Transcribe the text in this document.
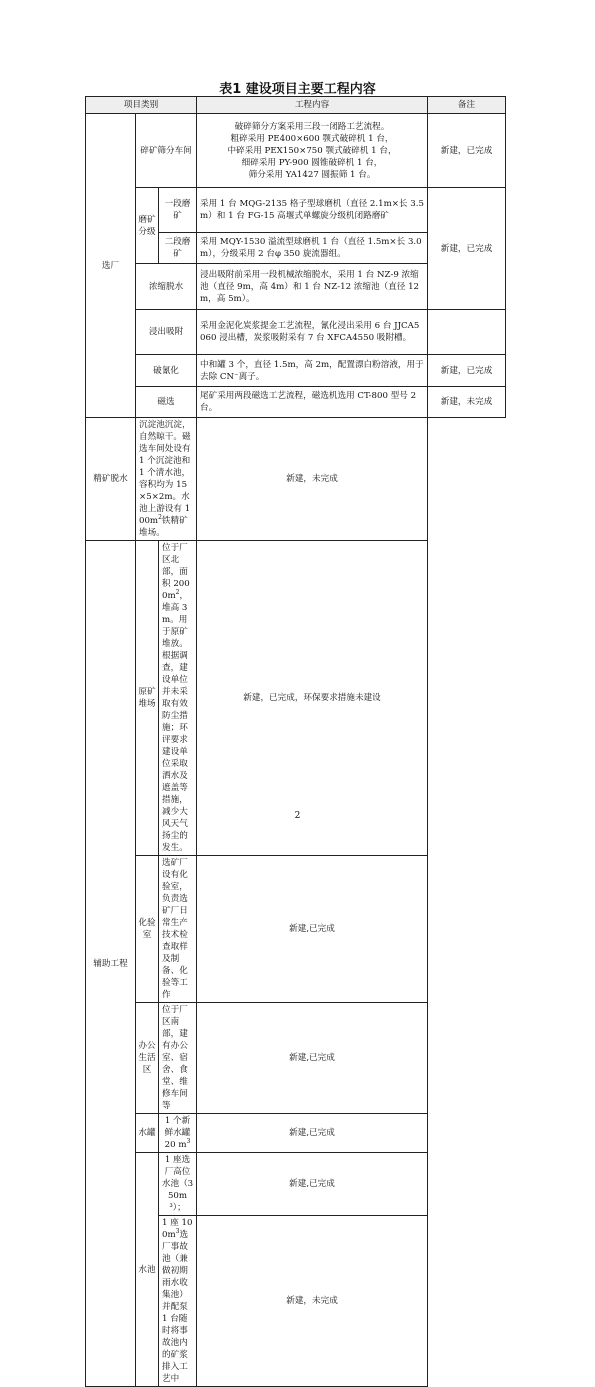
表1 建设项目主要工程内容
项目类别			工程内容	备注
选厂	碎矿筛分车间		破碎筛分方案采用三段一闭路工艺流程。
粗碎采用 PE400×600 颚式破碎机 1 台，
中碎采用 PEX150×750 颚式破碎机 1 台，
细碎采用 PY-900 圆锥破碎机 1 台，
筛分采用 YA1427 圆振筛 1 台。	新建，已完成
	磨矿分级	一段磨矿	采用 1 台 MQG-2135 格子型球磨机（直径 2.1m×长 3.5m）和 1 台 FG-15 高堰式单螺旋分级机闭路磨矿	新建，已完成
		二段磨矿	采用 MQY-1530 溢流型球磨机 1 台（直径 1.5m×长 3.0m），分级采用 2 台φ 350 旋流器组。	
	浓缩脱水		浸出吸附前采用一段机械浓缩脱水，采用 1 台 NZ-9 浓缩池（直径 9m，高 4m）和 1 台 NZ-12 浓缩池（直径 12m，高 5m）。	
	浸出吸附		采用金泥化炭浆提金工艺流程，氰化浸出采用 6 台 JJCA5060 浸出槽，炭浆吸附采有 7 台 XFCA4550 吸附槽。	
	破氰化		中和罐 3 个，直径 1.5m，高 2m，配置漂白粉溶液，用于去除 CN⁻离子。	新建，已完成
	磁选		尾矿采用两段磁选工艺流程，磁选机选用 CT-800 型号 2 台。	新建，未完成
精矿脱水	沉淀池沉淀，自然晾干。磁选车间处设有 1 个沉淀池和 1 个清水池，容积均为 15×5×2m。水池上游设有 $100m^2$铁精矿堆场。		新建，未完成	
辅助工程	原矿堆场	位于厂区北部，面积 $2000m^2$，堆高 3m。用于原矿堆放。根据调查，建设单位并未采取有效防尘措施；环评要求建设单位采取洒水及遮盖等措施，减少大风天气扬尘的发生。	新建，已完成，环保要求措施未建设	
	化验室	选矿厂设有化验室，负责选矿厂日常生产技术检查取样及制备、化验等工作	新建,已完成	
	办公生活区	位于厂区南部，建有办公室、宿舍、食堂、维修车间等	新建,已完成	
	水罐	1 个新鲜水罐 20 $m^3$	新建,已完成	
	水池	1 座选厂高位水池（350m³）；	新建,已完成	
		1 座 $100m^3$选厂事故池（兼做初期雨水收集池）并配泵 1 台随时将事故池内的矿浆排入工艺中	新建，未完成	
2
